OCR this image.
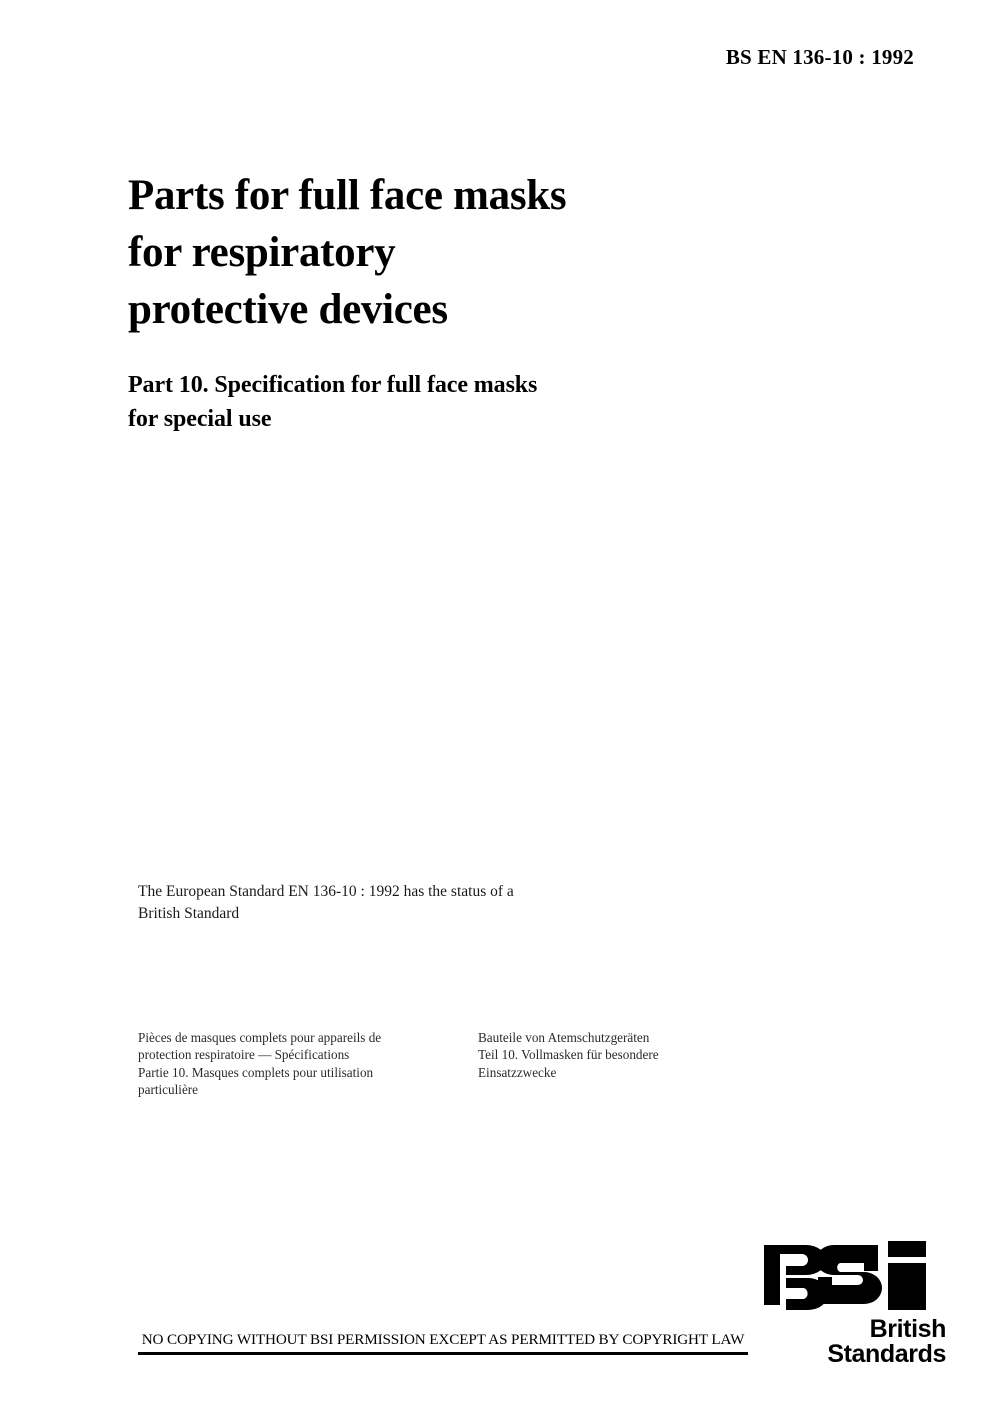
BS EN 136-10 : 1992
Parts for full face masks
for respiratory
protective devices
Part 10. Specification for full face masks
for special use
The European Standard EN 136-10 : 1992 has the status of a
British Standard
Pièces de masques complets pour appareils de
protection respiratoire — Spécifications
Partie 10. Masques complets pour utilisation
particulière
Bauteile von Atemschutzgeräten
Teil 10. Vollmasken für besondere
Einsatzzwecke
British Standards
NO COPYING WITHOUT BSI PERMISSION EXCEPT AS PERMITTED BY COPYRIGHT LAW
